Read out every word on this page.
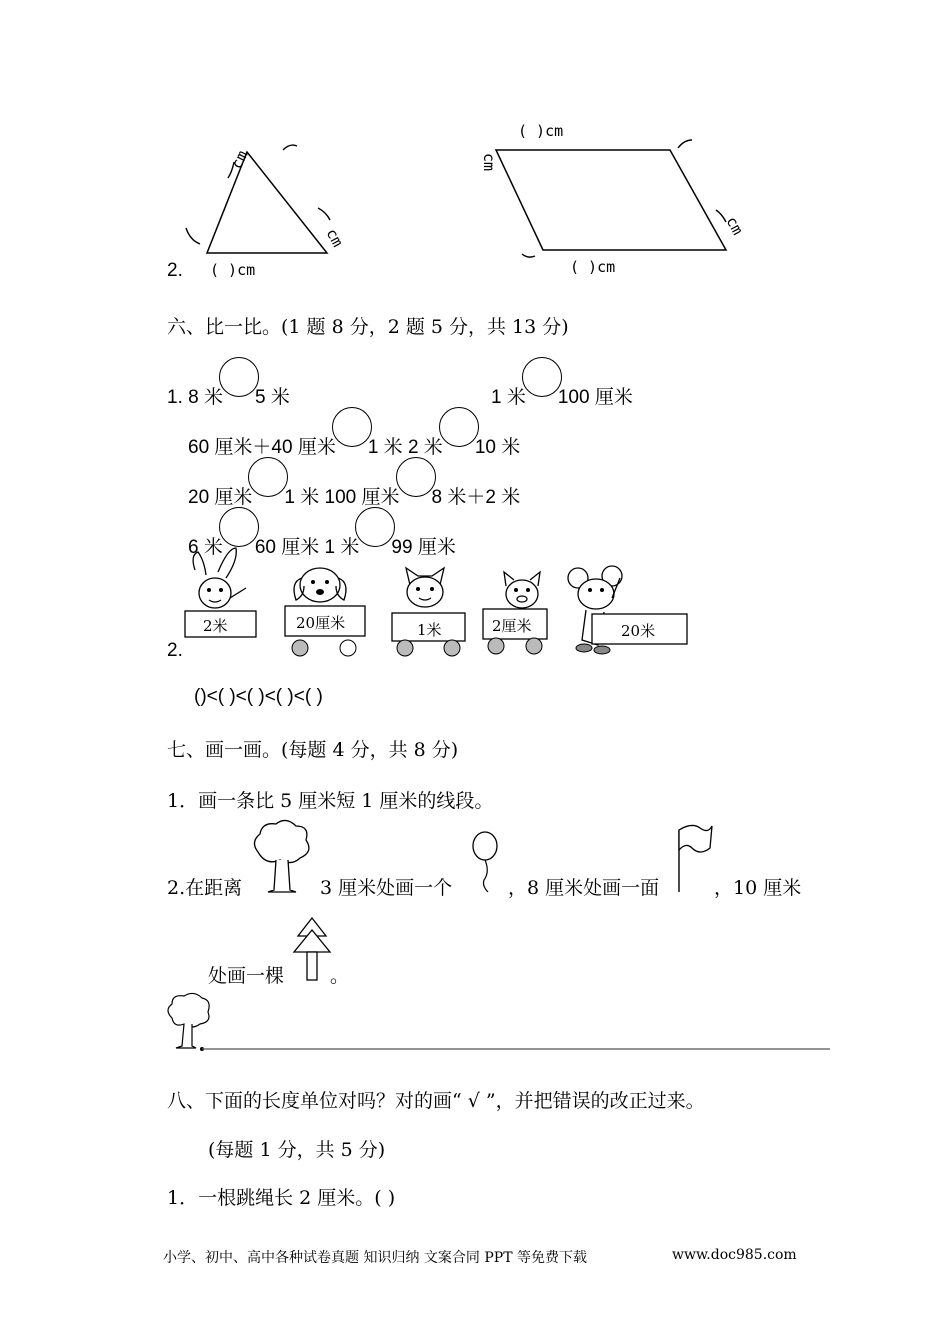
cm
cm
cm
cm
( )cm
( )cm
( )cm
2.
六、比一比。(1 题 8 分，2 题 5 分，共 13 分)
1. 8 米 5 米	1 米 100 厘米
60 厘米＋40 厘米 1 米 2 米 10 米
20 厘米 1 米 100 厘米 8 米＋2 米
6 米 60 厘米 1 米 99 厘米
2.
2米	20厘米	1米	2厘米	20米
()<( )<( )<( )<( )
七、画一画。(每题 4 分，共 8 分)
1．画一条比 5 厘米短 1 厘米的线段。
2.在距离	3 厘米处画一个	，8 厘米处画一面	，10 厘米
处画一棵 。
八、下面的长度单位对吗？对的画“ √ ”，并把错误的改正过来。
(每题 1 分，共 5 分)
1．一根跳绳长 2 厘米。( )
小学、初中、高中各种试卷真题 知识归纳 文案合同 PPT 等免费下载	www.doc985.com
